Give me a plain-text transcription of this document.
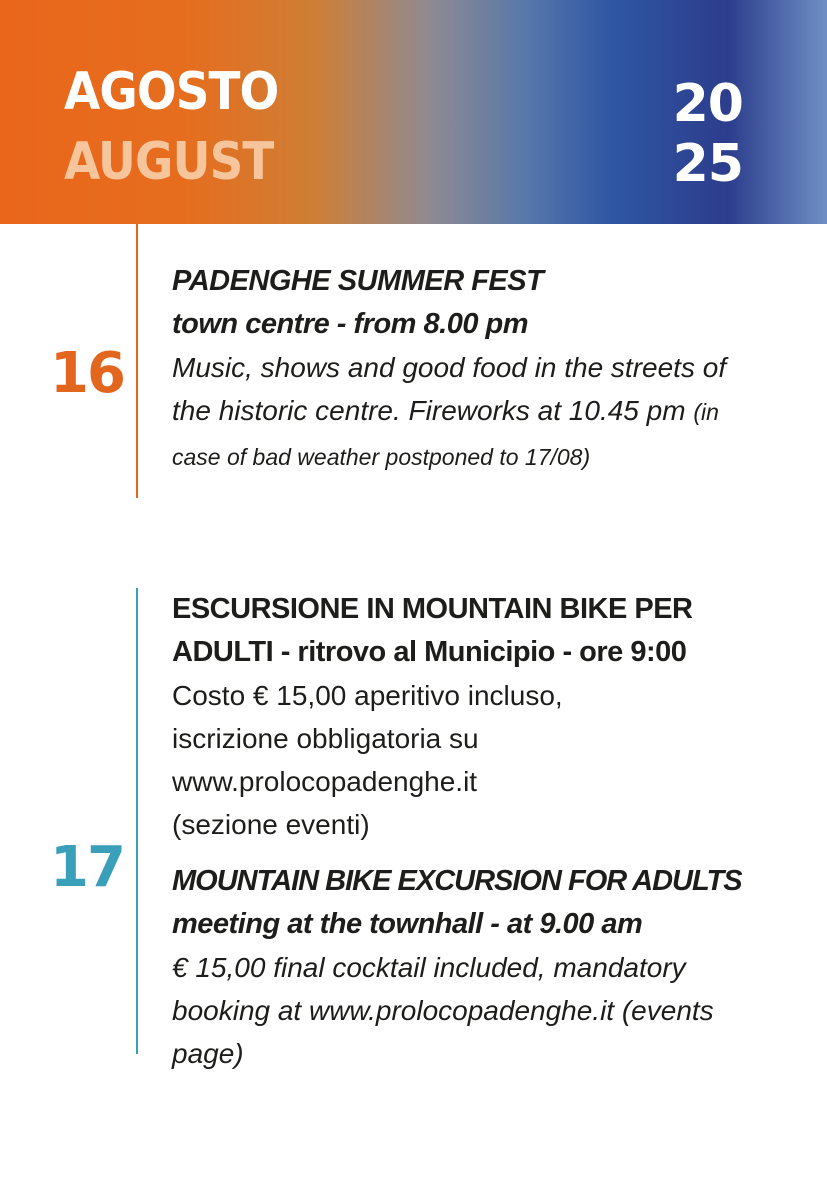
AGOSTO
AUGUST
20
25
16
17
PADENGHE SUMMER FEST
town centre - from 8.00 pm
Music, shows and good food in the streets of the historic centre. Fireworks at 10.45 pm (in case of bad weather postponed to 17/08)
ESCURSIONE IN MOUNTAIN BIKE PER ADULTI - ritrovo al Municipio - ore 9:00
Costo € 15,00 aperitivo incluso,
iscrizione obbligatoria su
www.prolocopadenghe.it
(sezione eventi)
MOUNTAIN BIKE EXCURSION FOR ADULTS
meeting at the townhall - at 9.00 am
€ 15,00 final cocktail included, mandatory booking at www.prolocopadenghe.it (events page)
